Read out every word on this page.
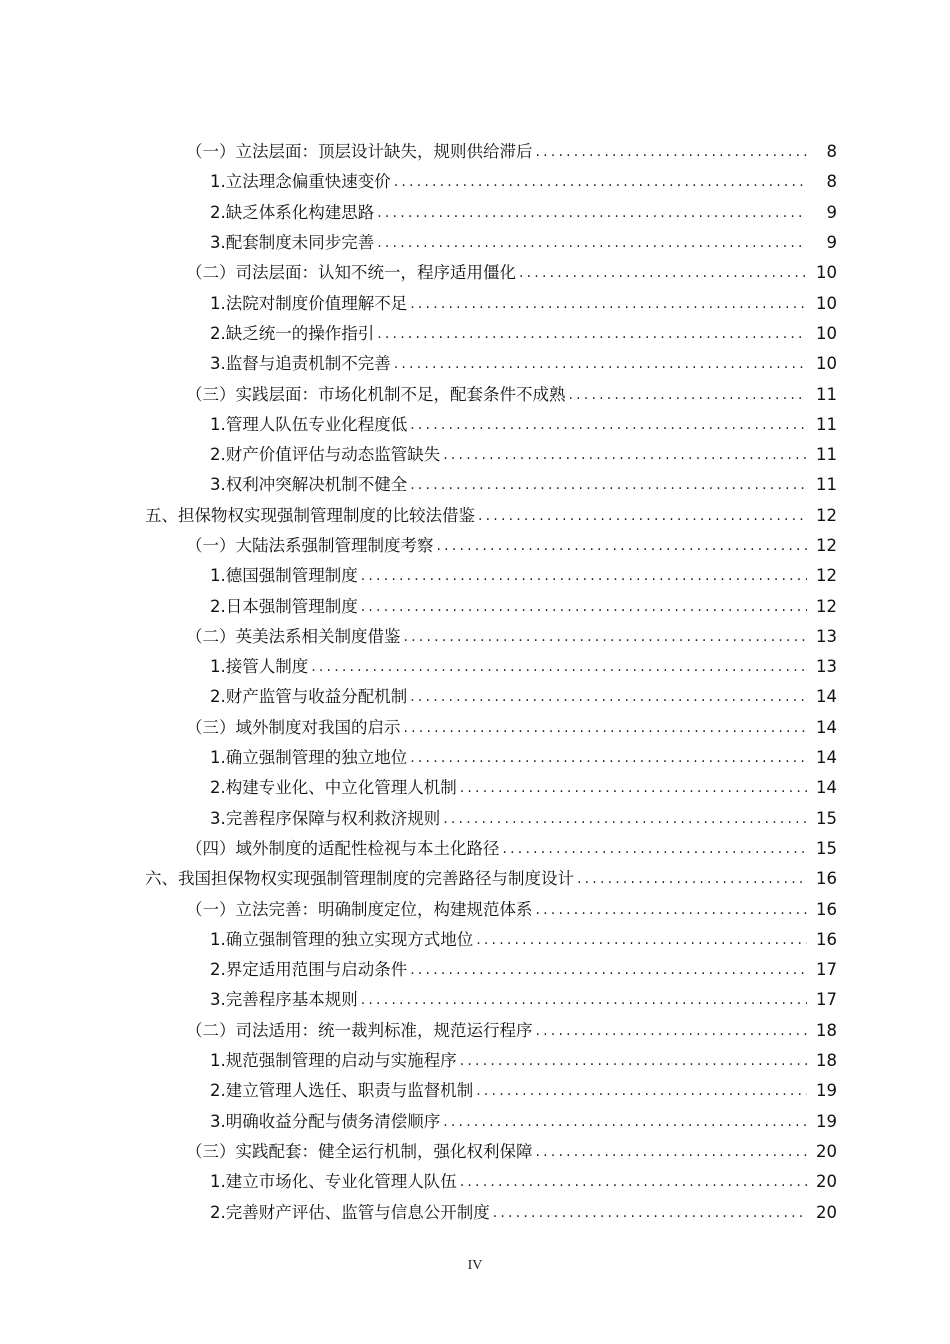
（一）立法层面：顶层设计缺失，规则供给滞后 .....	8
1.立法理念偏重快速变价 .....	8
2.缺乏体系化构建思路 .....	9
3.配套制度未同步完善 .....	9
（二）司法层面：认知不统一，程序适用僵化 .....	10
1.法院对制度价值理解不足 .....	10
2.缺乏统一的操作指引 .....	10
3.监督与追责机制不完善 .....	10
（三）实践层面：市场化机制不足，配套条件不成熟 .....	11
1.管理人队伍专业化程度低 .....	11
2.财产价值评估与动态监管缺失 .....	11
3.权利冲突解决机制不健全 .....	11
五、担保物权实现强制管理制度的比较法借鉴 .....	12
（一）大陆法系强制管理制度考察 .....	12
1.德国强制管理制度 .....	12
2.日本强制管理制度 .....	12
（二）英美法系相关制度借鉴 .....	13
1.接管人制度 .....	13
2.财产监管与收益分配机制 .....	14
（三）域外制度对我国的启示 .....	14
1.确立强制管理的独立地位 .....	14
2.构建专业化、中立化管理人机制 .....	14
3.完善程序保障与权利救济规则 .....	15
（四）域外制度的适配性检视与本土化路径 .....	15
六、我国担保物权实现强制管理制度的完善路径与制度设计 .....	16
（一）立法完善：明确制度定位，构建规范体系 .....	16
1.确立强制管理的独立实现方式地位 .....	16
2.界定适用范围与启动条件 .....	17
3.完善程序基本规则 .....	17
（二）司法适用：统一裁判标准，规范运行程序 .....	18
1.规范强制管理的启动与实施程序 .....	18
2.建立管理人选任、职责与监督机制 .....	19
3.明确收益分配与债务清偿顺序 .....	19
（三）实践配套：健全运行机制，强化权利保障 .....	20
1.建立市场化、专业化管理人队伍 .....	20
2.完善财产评估、监管与信息公开制度 .....	20
IV
